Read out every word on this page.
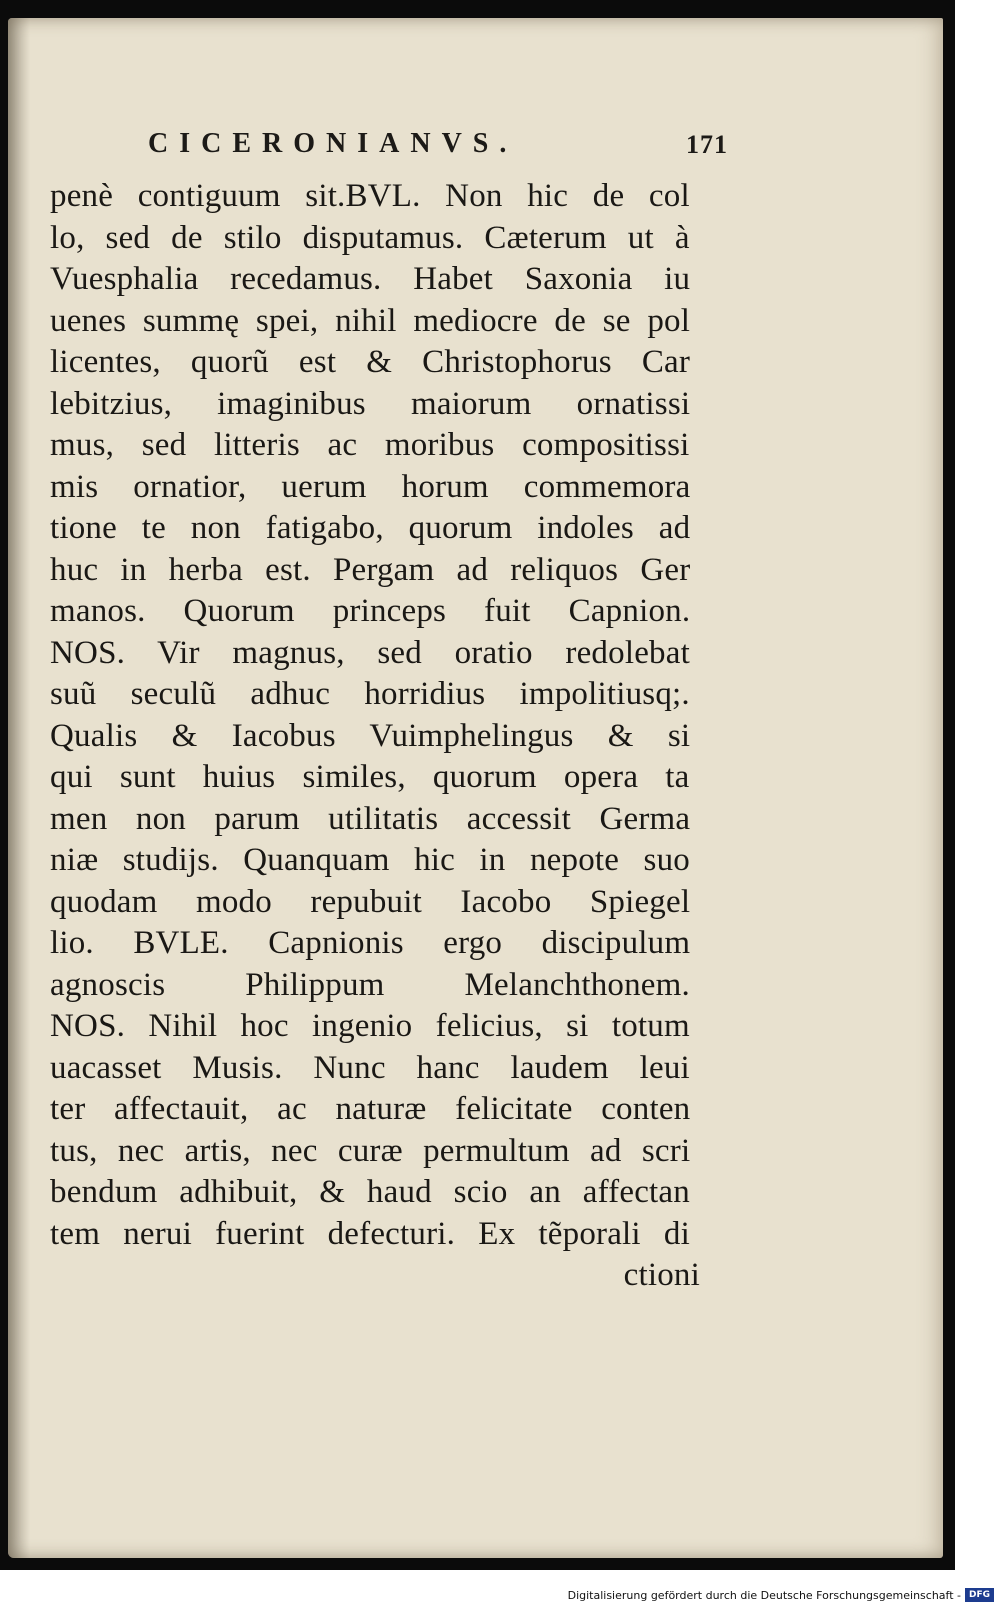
CICERONIANVS.	171
penè contiguum sit.BVL. Non hic de col
lo, sed de stilo disputamus. Cæterum ut à
Vuesphalia recedamus. Habet Saxonia iu
uenes summę spei, nihil mediocre de se pol
licentes, quorũ est & Christophorus Car
lebitzius, imaginibus maiorum ornatissi
mus, sed litteris ac moribus compositissi
mis ornatior, uerum horum commemora
tione te non fatigabo, quorum indoles ad
huc in herba est. Pergam ad reliquos Ger
manos. Quorum princeps fuit Capnion.
NOS. Vir magnus, sed oratio redolebat
suũ seculũ adhuc horridius impolitiusq;.
Qualis & Iacobus Vuimphelingus & si
qui sunt huius similes, quorum opera ta
men non parum utilitatis accessit Germa
niæ studijs. Quanquam hic in nepote suo
quodam modo repubuit Iacobo Spiegel
lio. BVLE. Capnionis ergo discipulum
agnoscis Philippum Melanchthonem.
NOS. Nihil hoc ingenio felicius, si totum
uacasset Musis. Nunc hanc laudem leui
ter affectauit, ac naturæ felicitate conten
tus, nec artis, nec curæ permultum ad scri
bendum adhibuit, & haud scio an affectan
tem nerui fuerint defecturi. Ex tẽporali di
ctioni
Digitalisierung gefördert durch die Deutsche Forschungsgemeinschaft - DFG
